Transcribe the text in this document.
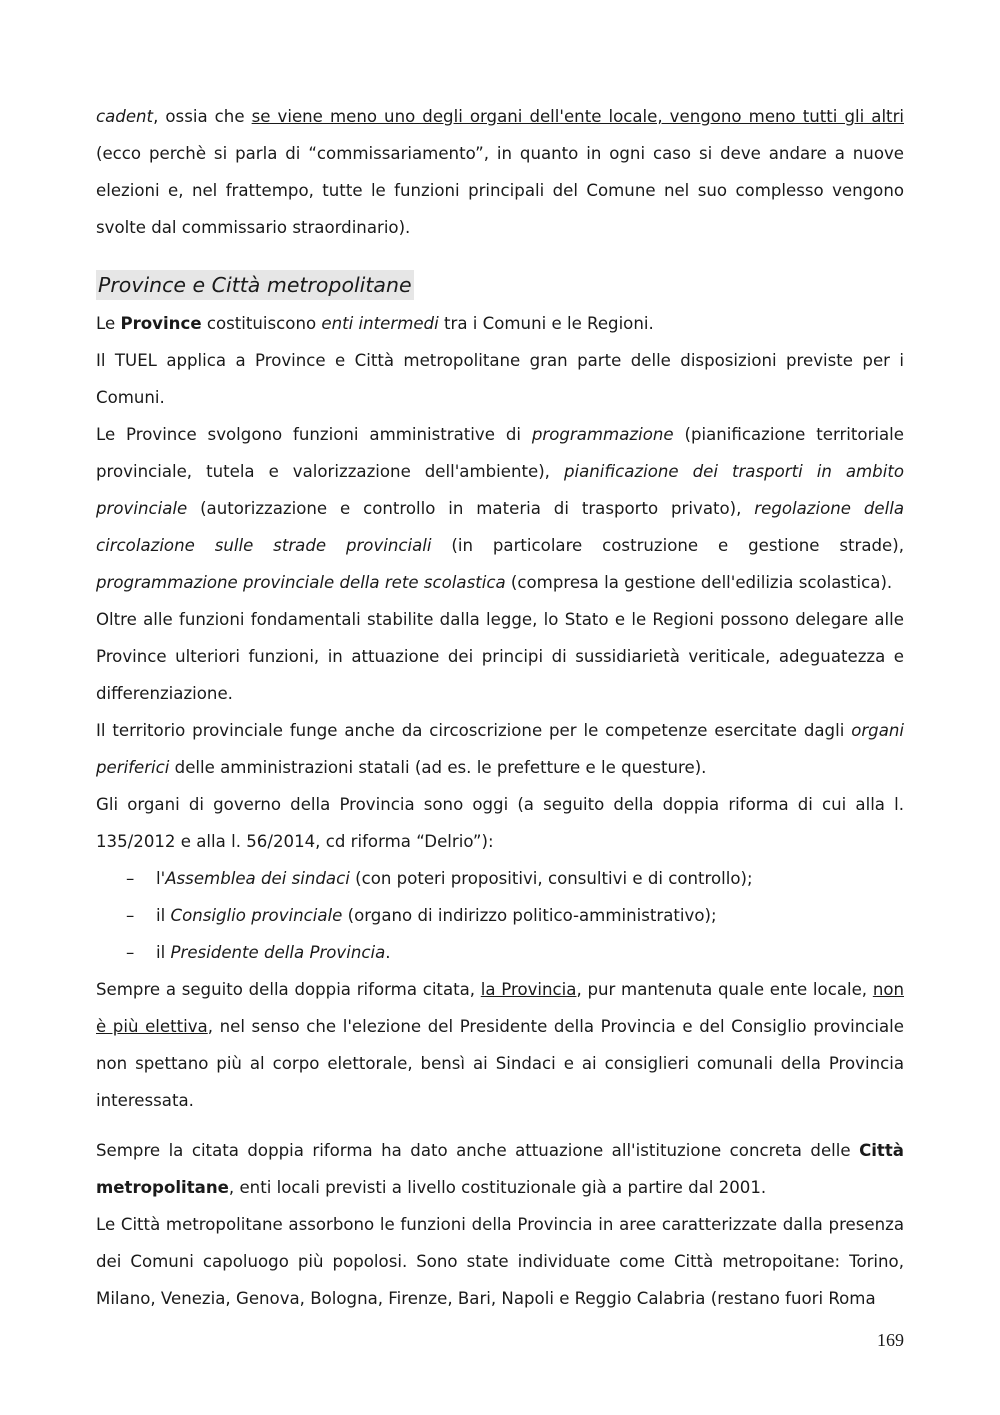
cadent, ossia che se viene meno uno degli organi dell'ente locale, vengono meno tutti gli altri (ecco perchè si parla di “commissariamento”, in quanto in ogni caso si deve andare a nuove elezioni e, nel frattempo, tutte le funzioni principali del Comune nel suo complesso vengono svolte dal commissario straordinario).

Province e Città metropolitane

Le Province costituiscono enti intermedi tra i Comuni e le Regioni.

Il TUEL applica a Province e Città metropolitane gran parte delle disposizioni previste per i Comuni.

Le Province svolgono funzioni amministrative di programmazione (pianificazione territoriale provinciale, tutela e valorizzazione dell'ambiente), pianificazione dei trasporti in ambito provinciale (autorizzazione e controllo in materia di trasporto privato), regolazione della circolazione sulle strade provinciali (in particolare costruzione e gestione strade), programmazione provinciale della rete scolastica (compresa la gestione dell'edilizia scolastica).

Oltre alle funzioni fondamentali stabilite dalla legge, lo Stato e le Regioni possono delegare alle Province ulteriori funzioni, in attuazione dei principi di sussidiarietà veriticale, adeguatezza e differenziazione.

Il territorio provinciale funge anche da circoscrizione per le competenze esercitate dagli organi periferici delle amministrazioni statali (ad es. le prefetture e le questure).

Gli organi di governo della Provincia sono oggi (a seguito della doppia riforma di cui alla l. 135/2012 e alla l. 56/2014, cd riforma “Delrio”):

– l'Assemblea dei sindaci (con poteri propositivi, consultivi e di controllo);
– il Consiglio provinciale (organo di indirizzo politico-amministrativo);
– il Presidente della Provincia.

Sempre a seguito della doppia riforma citata, la Provincia, pur mantenuta quale ente locale, non è più elettiva, nel senso che l'elezione del Presidente della Provincia e del Consiglio provinciale non spettano più al corpo elettorale, bensì ai Sindaci e ai consiglieri comunali della Provincia interessata.

Sempre la citata doppia riforma ha dato anche attuazione all'istituzione concreta delle Città metropolitane, enti locali previsti a livello costituzionale già a partire dal 2001.

Le Città metropolitane assorbono le funzioni della Provincia in aree caratterizzate dalla presenza dei Comuni capoluogo più popolosi. Sono state individuate come Città metropoitane: Torino, Milano, Venezia, Genova, Bologna, Firenze, Bari, Napoli e Reggio Calabria (restano fuori Roma

169
